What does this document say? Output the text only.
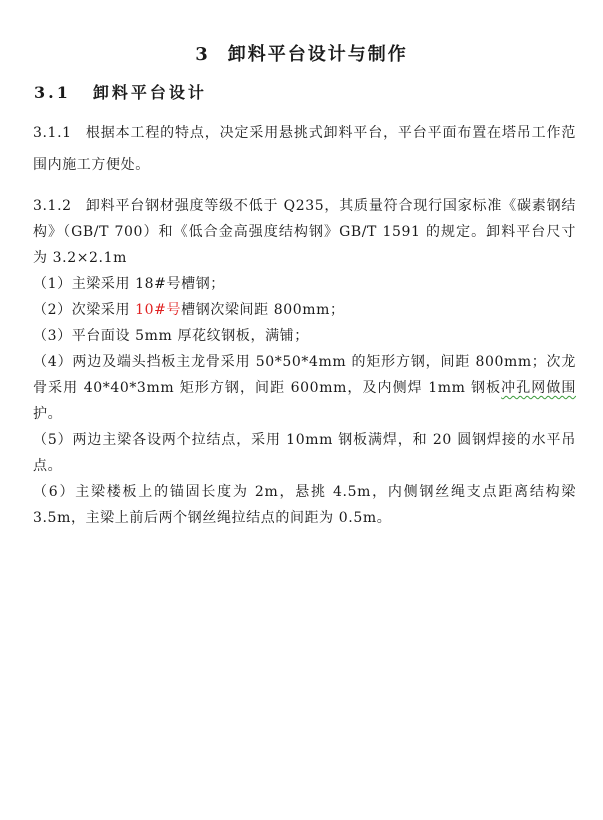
3 卸料平台设计与制作
3.1 卸料平台设计

3.1.1 根据本工程的特点，决定采用悬挑式卸料平台，平台平面布置在塔吊工作范围内施工方便处。

3.1.2 卸料平台钢材强度等级不低于 Q235，其质量符合现行国家标准《碳素钢结构》（GB/T 700）和《低合金高强度结构钢》GB/T 1591 的规定。卸料平台尺寸为 3.2×2.1m

（1）主梁采用 18#号槽钢；

（2）次梁采用 10#号槽钢次梁间距 800mm；

（3）平台面设 5mm 厚花纹钢板，满铺；

（4）两边及端头挡板主龙骨采用 50*50*4mm 的矩形方钢，间距 800mm；次龙骨采用 40*40*3mm 矩形方钢，间距 600mm，及内侧焊 1mm 钢板冲孔网做围护。

（5）两边主梁各设两个拉结点，采用 10mm 钢板满焊，和 20 圆钢焊接的水平吊点。

（6）主梁楼板上的锚固长度为 2m，悬挑 4.5m，内侧钢丝绳支点距离结构梁 3.5m，主梁上前后两个钢丝绳拉结点的间距为 0.5m。
